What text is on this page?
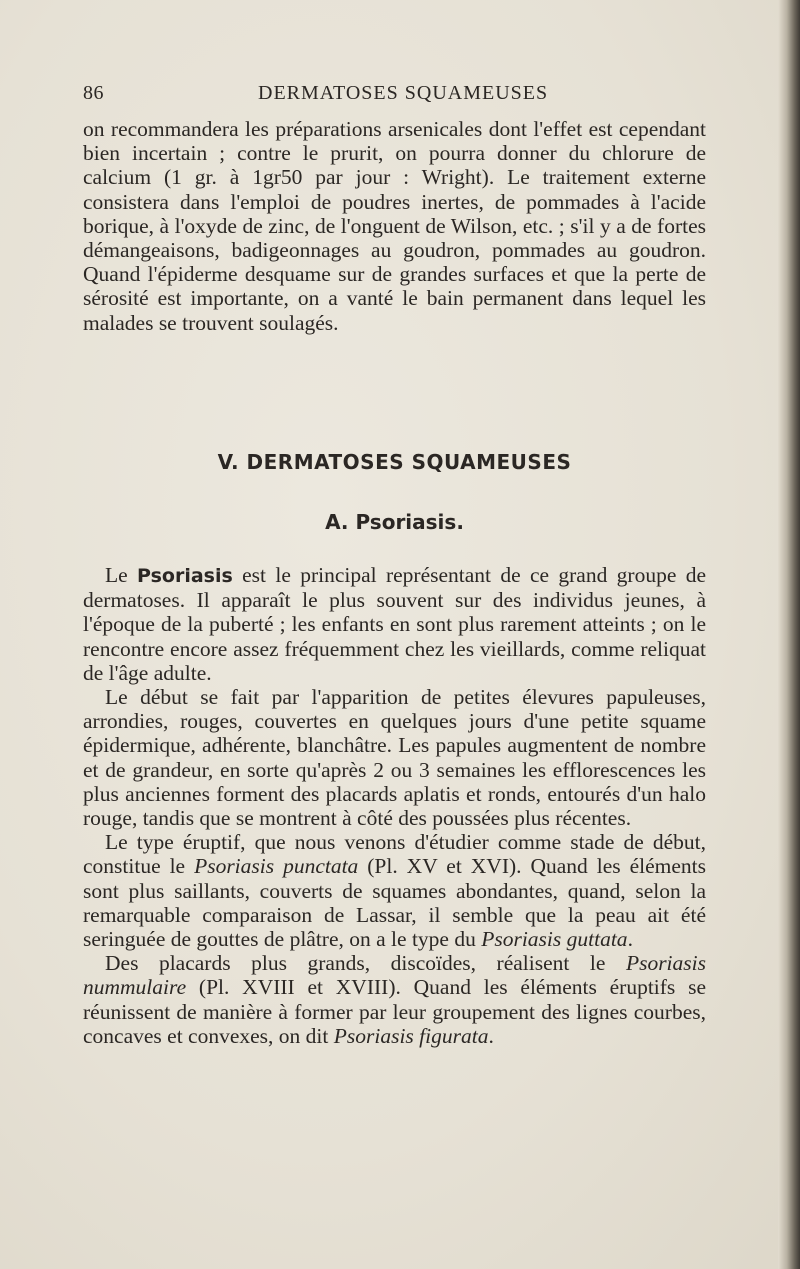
86	DERMATOSES SQUAMEUSES

on recommandera les préparations arsenicales dont l'effet est cependant bien incertain ; contre le prurit, on pourra donner du chlorure de calcium (1 gr. à 1gr50 par jour : Wright). Le traitement externe consistera dans l'emploi de poudres inertes, de pommades à l'acide borique, à l'oxyde de zinc, de l'onguent de Wilson, etc. ; s'il y a de fortes démangeaisons, badigeonnages au goudron, pommades au goudron. Quand l'épiderme desquame sur de grandes surfaces et que la perte de sérosité est importante, on a vanté le bain permanent dans lequel les malades se trouvent soulagés.

V. DERMATOSES SQUAMEUSES
A. Psoriasis.

Le Psoriasis est le principal représentant de ce grand groupe de dermatoses. Il apparaît le plus souvent sur des individus jeunes, à l'époque de la puberté ; les enfants en sont plus rarement atteints ; on le rencontre encore assez fréquemment chez les vieillards, comme reliquat de l'âge adulte.

Le début se fait par l'apparition de petites élevures papuleuses, arrondies, rouges, couvertes en quelques jours d'une petite squame épidermique, adhérente, blanchâtre. Les papules augmentent de nombre et de grandeur, en sorte qu'après 2 ou 3 semaines les efflorescences les plus anciennes forment des placards aplatis et ronds, entourés d'un halo rouge, tandis que se montrent à côté des poussées plus récentes.

Le type éruptif, que nous venons d'étudier comme stade de début, constitue le Psoriasis punctata (Pl. XV et XVI). Quand les éléments sont plus saillants, couverts de squames abondantes, quand, selon la remarquable comparaison de Lassar, il semble que la peau ait été seringuée de gouttes de plâtre, on a le type du Psoriasis guttata.

Des placards plus grands, discoïdes, réalisent le Psoriasis nummulaire (Pl. XVIII et XVIII). Quand les éléments éruptifs se réunissent de manière à former par leur groupement des lignes courbes, concaves et convexes, on dit Psoriasis figurata.
